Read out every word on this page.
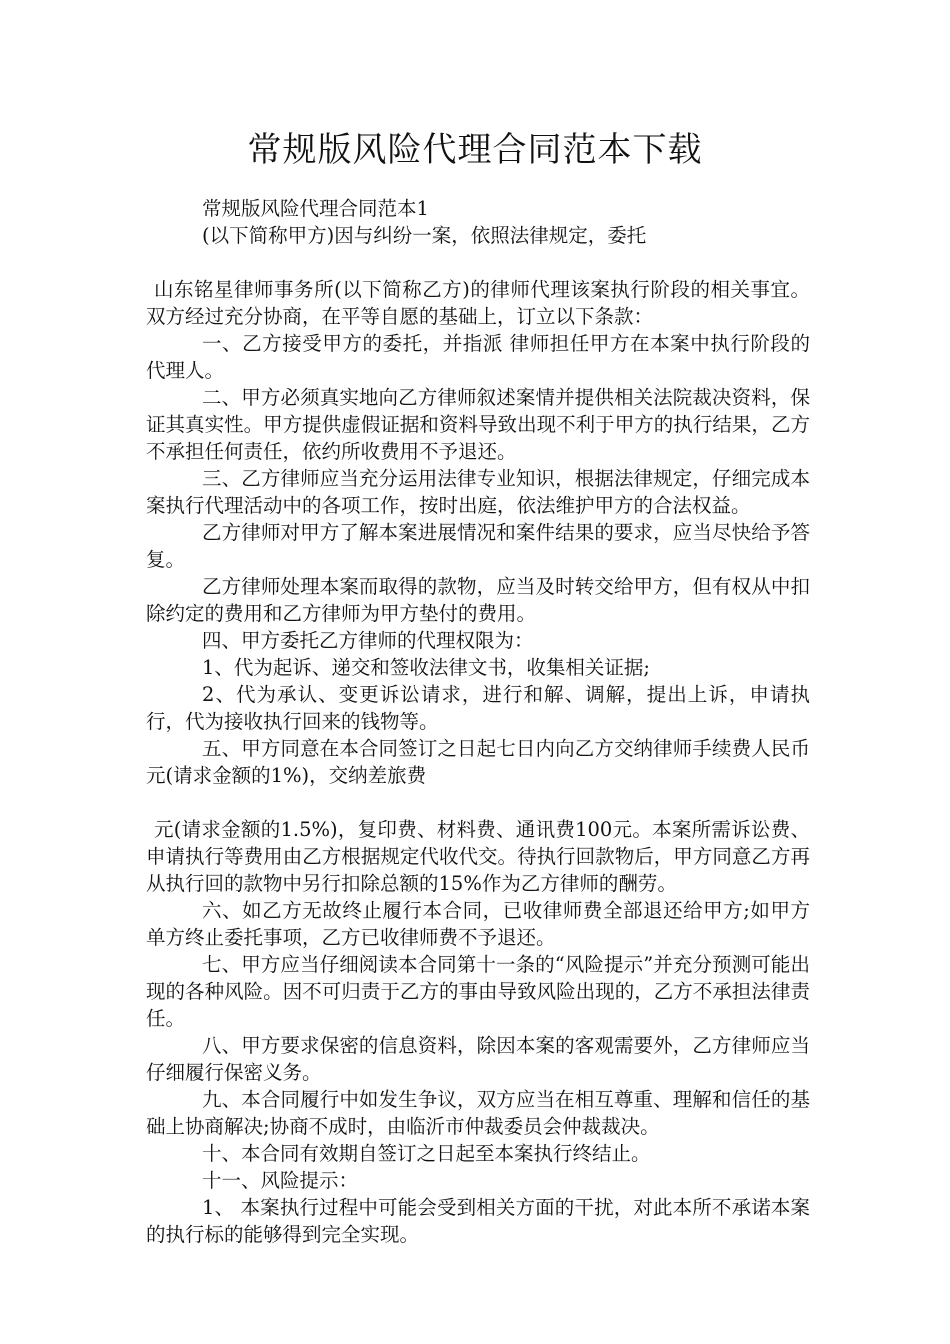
常规版风险代理合同范本下载

常规版风险代理合同范本1

(以下简称甲方)因与纠纷一案，依照法律规定，委托

山东铭星律师事务所(以下简称乙方)的律师代理该案执行阶段的相关事宜。双方经过充分协商，在平等自愿的基础上，订立以下条款：

一、乙方接受甲方的委托，并指派 律师担任甲方在本案中执行阶段的代理人。

二、甲方必须真实地向乙方律师叙述案情并提供相关法院裁决资料，保证其真实性。甲方提供虚假证据和资料导致出现不利于甲方的执行结果，乙方不承担任何责任，依约所收费用不予退还。

三、乙方律师应当充分运用法律专业知识，根据法律规定，仔细完成本案执行代理活动中的各项工作，按时出庭，依法维护甲方的合法权益。

乙方律师对甲方了解本案进展情况和案件结果的要求，应当尽快给予答复。

乙方律师处理本案而取得的款物，应当及时转交给甲方，但有权从中扣除约定的费用和乙方律师为甲方垫付的费用。

四、甲方委托乙方律师的代理权限为：

1、代为起诉、递交和签收法律文书，收集相关证据;

2、代为承认、变更诉讼请求，进行和解、调解，提出上诉，申请执行，代为接收执行回来的钱物等。

五、甲方同意在本合同签订之日起七日内向乙方交纳律师手续费人民币 元(请求金额的1%)，交纳差旅费

元(请求金额的1.5%)，复印费、材料费、通讯费100元。本案所需诉讼费、申请执行等费用由乙方根据规定代收代交。待执行回款物后，甲方同意乙方再从执行回的款物中另行扣除总额的15%作为乙方律师的酬劳。

六、如乙方无故终止履行本合同，已收律师费全部退还给甲方;如甲方单方终止委托事项，乙方已收律师费不予退还。

七、甲方应当仔细阅读本合同第十一条的“风险提示”并充分预测可能出现的各种风险。因不可归责于乙方的事由导致风险出现的，乙方不承担法律责任。

八、甲方要求保密的信息资料，除因本案的客观需要外，乙方律师应当仔细履行保密义务。

九、本合同履行中如发生争议，双方应当在相互尊重、理解和信任的基础上协商解决;协商不成时，由临沂市仲裁委员会仲裁裁决。

十、本合同有效期自签订之日起至本案执行终结止。

十一、风险提示：

1、 本案执行过程中可能会受到相关方面的干扰，对此本所不承诺本案的执行标的能够得到完全实现。
